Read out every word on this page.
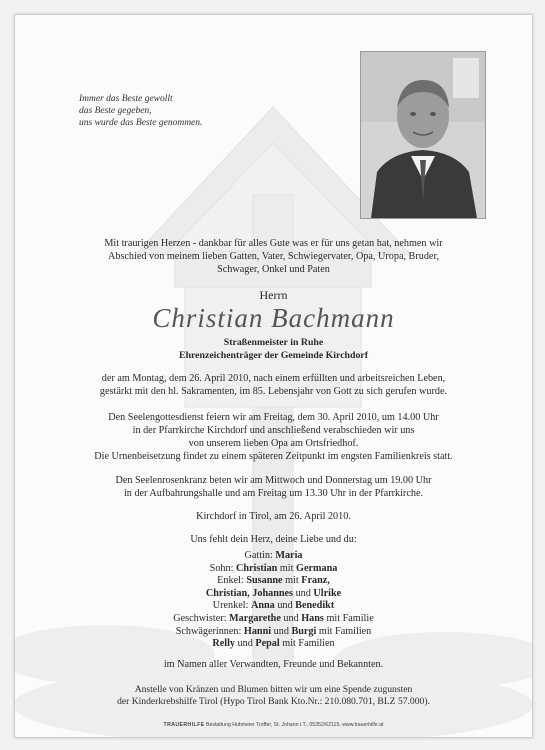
Immer das Beste gewollt
das Beste gegeben,
uns wurde das Beste genommen.
Mit traurigen Herzen - dankbar für alles Gute was er für uns getan hat, nehmen wir
Abschied von meinem lieben Gatten, Vater, Schwiegervater, Opa, Uropa, Bruder,
Schwager, Onkel und Paten
Herrn
Christian Bachmann
Straßenmeister in Ruhe
Ehrenzeichenträger der Gemeinde Kirchdorf
der am Montag, dem 26. April 2010, nach einem erfüllten und arbeitsreichen Leben,
gestärkt mit den hl. Sakramenten, im 85. Lebensjahr von Gott zu sich gerufen wurde.
Den Seelengottesdienst feiern wir am Freitag, dem 30. April 2010, um 14.00 Uhr
in der Pfarrkirche Kirchdorf und anschließend verabschieden wir uns
von unserem lieben Opa am Ortsfriedhof.
Die Urnenbeisetzung findet zu einem späteren Zeitpunkt im engsten Familienkreis statt.
Den Seelenrosenkranz beten wir am Mittwoch und Donnerstag um 19.00 Uhr
in der Aufbahrungshalle und am Freitag um 13.30 Uhr in der Pfarrkirche.
Kirchdorf in Tirol, am 26. April 2010.
Uns fehlt dein Herz, deine Liebe und du:
Gattin: Maria
Sohn: Christian mit Germana
Enkel: Susanne mit Franz,
Christian, Johannes und Ulrike
Urenkel: Anna und Benedikt
Geschwister: Margarethe und Hans mit Familie
Schwägerinnen: Hanni und Burgi mit Familien
Relly und Pepal mit Familien
im Namen aller Verwandten, Freunde und Bekannten.
Anstelle von Kränzen und Blumen bitten wir um eine Spende zugunsten
der Kinderkrebshilfe Tirol (Hypo Tirol Bank Kto.Nr.: 210.080.701, BLZ 57.000).
TRAUERHILFE Bestattung Hubmeier Troffer, St. Johann i.T., 05352/62115, www.trauerhilfe.at
